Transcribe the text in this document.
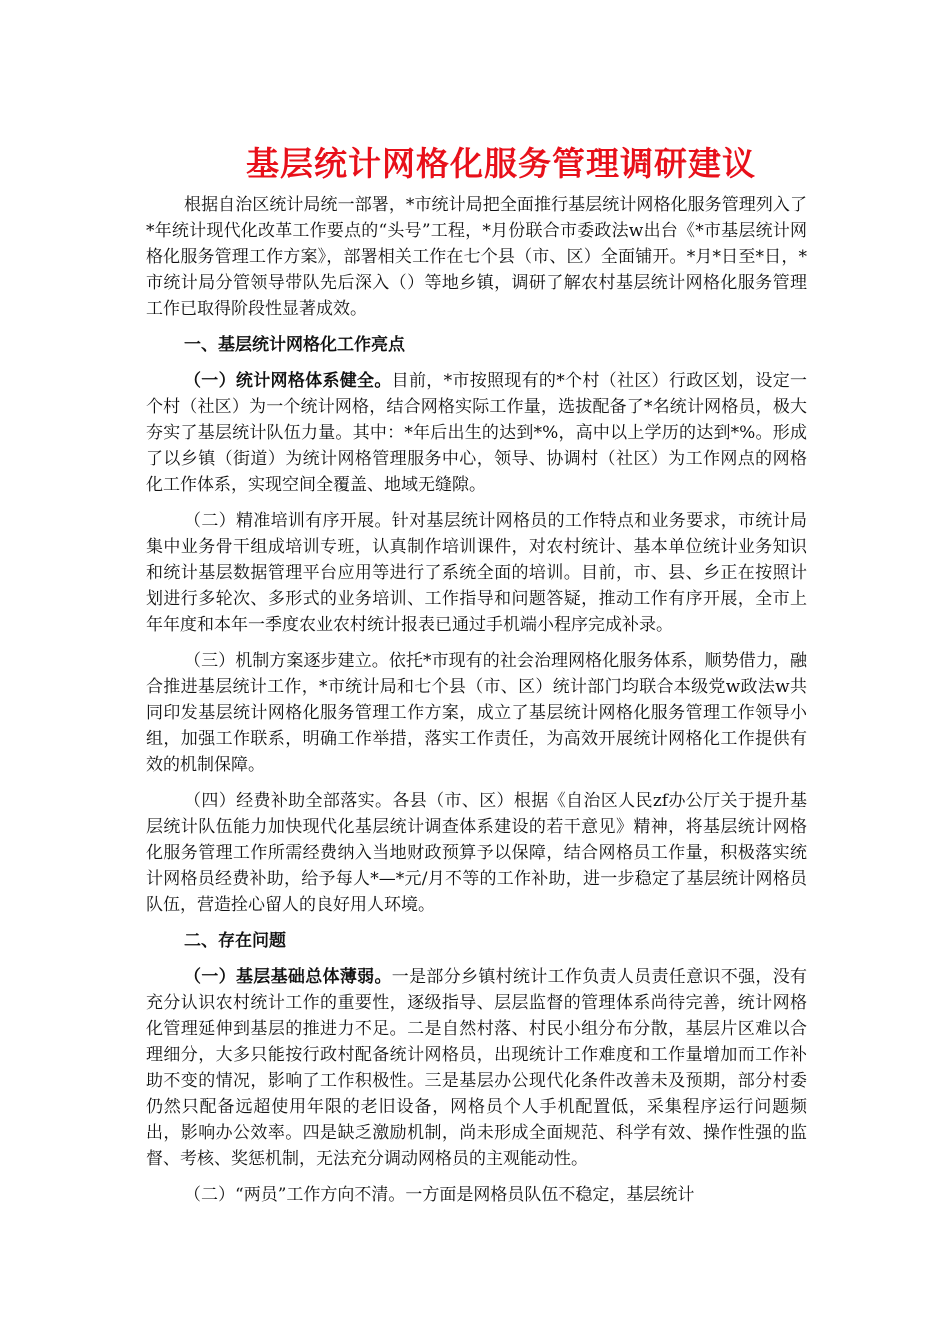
基层统计网格化服务管理调研建议

根据自治区统计局统一部署，*市统计局把全面推行基层统计网格化服务管理列入了*年统计现代化改革工作要点的“头号”工程，*月份联合市委政法w出台《*市基层统计网格化服务管理工作方案》，部署相关工作在七个县（市、区）全面铺开。*月*日至*日，*市统计局分管领导带队先后深入（）等地乡镇，调研了解农村基层统计网格化服务管理工作已取得阶段性显著成效。

一、基层统计网格化工作亮点

（一）统计网格体系健全。目前，*市按照现有的*个村（社区）行政区划，设定一个村（社区）为一个统计网格，结合网格实际工作量，选拔配备了*名统计网格员，极大夯实了基层统计队伍力量。其中：*年后出生的达到*%，高中以上学历的达到*%。形成了以乡镇（街道）为统计网格管理服务中心，领导、协调村（社区）为工作网点的网格化工作体系，实现空间全覆盖、地域无缝隙。

（二）精准培训有序开展。针对基层统计网格员的工作特点和业务要求，市统计局集中业务骨干组成培训专班，认真制作培训课件，对农村统计、基本单位统计业务知识和统计基层数据管理平台应用等进行了系统全面的培训。目前，市、县、乡正在按照计划进行多轮次、多形式的业务培训、工作指导和问题答疑，推动工作有序开展，全市上年年度和本年一季度农业农村统计报表已通过手机端小程序完成补录。

（三）机制方案逐步建立。依托*市现有的社会治理网格化服务体系，顺势借力，融合推进基层统计工作，*市统计局和七个县（市、区）统计部门均联合本级党w政法w共同印发基层统计网格化服务管理工作方案，成立了基层统计网格化服务管理工作领导小组，加强工作联系，明确工作举措，落实工作责任，为高效开展统计网格化工作提供有效的机制保障。

（四）经费补助全部落实。各县（市、区）根据《自治区人民zf办公厅关于提升基层统计队伍能力加快现代化基层统计调查体系建设的若干意见》精神，将基层统计网格化服务管理工作所需经费纳入当地财政预算予以保障，结合网格员工作量，积极落实统计网格员经费补助，给予每人*—*元/月不等的工作补助，进一步稳定了基层统计网格员队伍，营造拴心留人的良好用人环境。

二、存在问题

（一）基层基础总体薄弱。一是部分乡镇村统计工作负责人员责任意识不强，没有充分认识农村统计工作的重要性，逐级指导、层层监督的管理体系尚待完善，统计网格化管理延伸到基层的推进力不足。二是自然村落、村民小组分布分散，基层片区难以合理细分，大多只能按行政村配备统计网格员，出现统计工作难度和工作量增加而工作补助不变的情况，影响了工作积极性。三是基层办公现代化条件改善未及预期，部分村委仍然只配备远超使用年限的老旧设备，网格员个人手机配置低，采集程序运行问题频出，影响办公效率。四是缺乏激励机制，尚未形成全面规范、科学有效、操作性强的监督、考核、奖惩机制，无法充分调动网格员的主观能动性。

（二）“两员”工作方向不清。一方面是网格员队伍不稳定，基层统计
